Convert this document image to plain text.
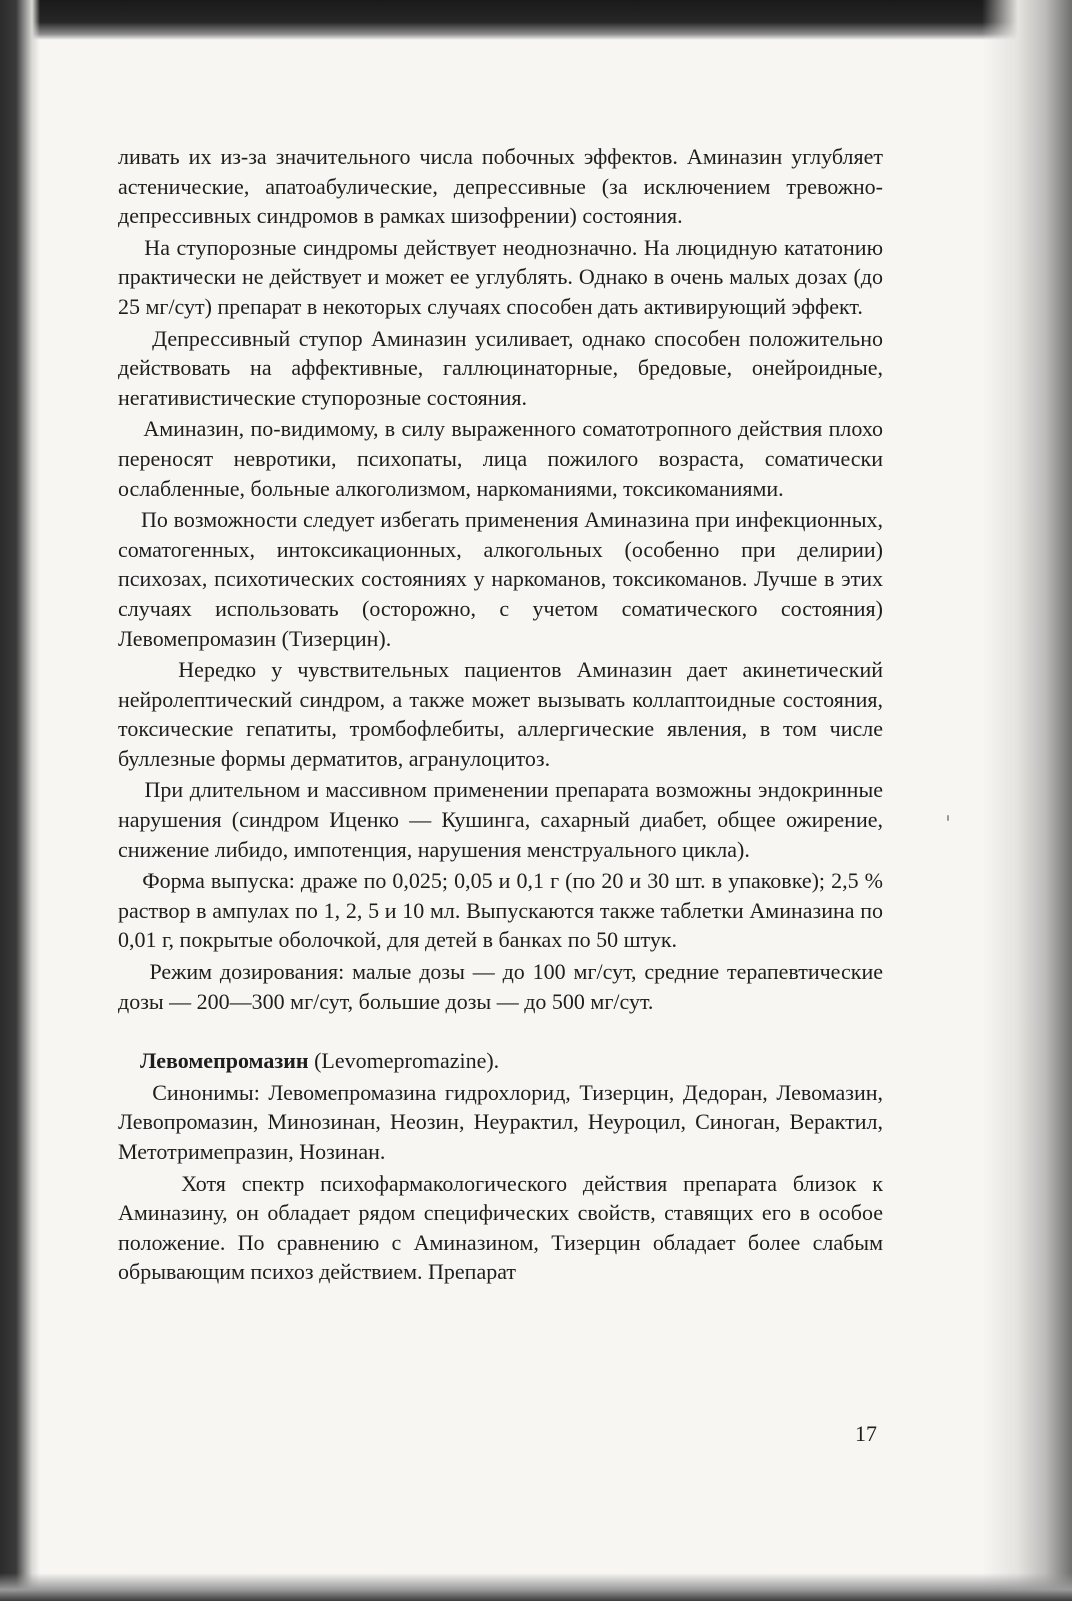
ливать их из-за значительного числа побочных эффектов. Аминазин углубляет астенические, апатоабулические, депрессивные (за исключением тревожно-депрессивных синдромов в рамках шизофрении) состояния.

На ступорозные синдромы действует неоднозначно. На люцидную кататонию практически не действует и может ее углублять. Однако в очень малых дозах (до 25 мг/сут) препарат в некоторых случаях способен дать активирующий эффект.

Депрессивный ступор Аминазин усиливает, однако способен положительно действовать на аффективные, галлюцинаторные, бредовые, онейроидные, негативистические ступорозные состояния.

Аминазин, по-видимому, в силу выраженного соматотропного действия плохо переносят невротики, психопаты, лица пожилого возраста, соматически ослабленные, больные алкоголизмом, наркоманиями, токсикоманиями.

По возможности следует избегать применения Аминазина при инфекционных, соматогенных, интоксикационных, алкогольных (особенно при делирии) психозах, психотических состояниях у наркоманов, токсикоманов. Лучше в этих случаях использовать (осторожно, с учетом соматического состояния) Левомепромазин (Тизерцин).

Нередко у чувствительных пациентов Аминазин дает акинетический нейролептический синдром, а также может вызывать коллаптоидные состояния, токсические гепатиты, тромбофлебиты, аллергические явления, в том числе буллезные формы дерматитов, агранулоцитоз.

При длительном и массивном применении препарата возможны эндокринные нарушения (синдром Иценко — Кушинга, сахарный диабет, общее ожирение, снижение либидо, импотенция, нарушения менструального цикла).

Форма выпуска: драже по 0,025; 0,05 и 0,1 г (по 20 и 30 шт. в упаковке); 2,5 % раствор в ампулах по 1, 2, 5 и 10 мл. Выпускаются также таблетки Аминазина по 0,01 г, покрытые оболочкой, для детей в банках по 50 штук.

Режим дозирования: малые дозы — до 100 мг/сут, средние терапевтические дозы — 200—300 мг/сут, большие дозы — до 500 мг/сут.

Левомепромазин (Levomepromazine).

Синонимы: Левомепромазина гидрохлорид, Тизерцин, Дедоран, Левомазин, Левопромазин, Минозинан, Неозин, Неурактил, Неуроцил, Синоган, Верактил, Метотримепразин, Нозинан.

Хотя спектр психофармакологического действия препарата близок к Аминазину, он обладает рядом специфических свойств, ставящих его в особое положение. По сравнению с Аминазином, Тизерцин обладает более слабым обрывающим психоз действием. Препарат

17
